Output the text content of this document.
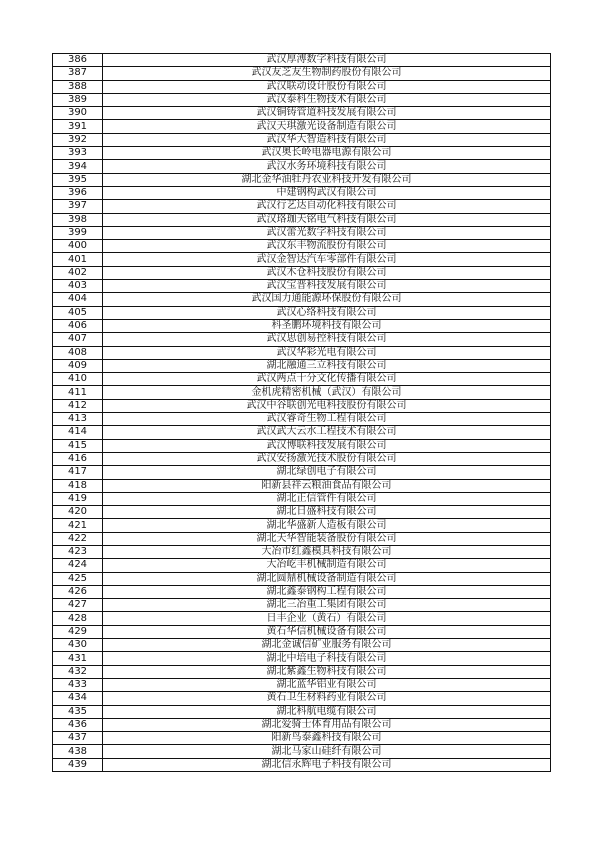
386	武汉厚溥数字科技有限公司
387	武汉友芝友生物制药股份有限公司
388	武汉联动设计股份有限公司
389	武汉泰科生物技术有限公司
390	武汉铜铸管道科技发展有限公司
391	武汉天琪激光设备制造有限公司
392	武汉华大智造科技有限公司
393	武汉奥长岭电器电源有限公司
394	武汉水务环境科技有限公司
395	湖北金华油牡丹农业科技开发有限公司
396	中建钢构武汉有限公司
397	武汉行艺达自动化科技有限公司
398	武汉珞珈天铭电气科技有限公司
399	武汉蕾光数字科技有限公司
400	武汉东丰物流股份有限公司
401	武汉金智达汽车零部件有限公司
402	武汉木仓科技股份有限公司
403	武汉宝普科技发展有限公司
404	武汉国力通能源环保股份有限公司
405	武汉心络科技有限公司
406	科圣鹏环境科技有限公司
407	武汉思创易控科技有限公司
408	武汉华彩光电有限公司
409	湖北融通三立科技有限公司
410	武汉两点十分文化传播有限公司
411	金机虎精密机械（武汉）有限公司
412	武汉中谷联创光电科技股份有限公司
413	武汉睿奇生物工程有限公司
414	武汉武大云水工程技术有限公司
415	武汉博联科技发展有限公司
416	武汉安扬激光技术股份有限公司
417	湖北绿创电子有限公司
418	阳新县祥云粮油食品有限公司
419	湖北正信管件有限公司
420	湖北日盛科技有限公司
421	湖北华盛新人造板有限公司
422	湖北天华智能装备股份有限公司
423	大冶市红鑫模具科技有限公司
424	大冶屹丰机械制造有限公司
425	湖北圆鼎机械设备制造有限公司
426	湖北鑫泰钢构工程有限公司
427	湖北三冶重工集团有限公司
428	日丰企业（黄石）有限公司
429	黄石华信机械设备有限公司
430	湖北金诚信矿业服务有限公司
431	湖北中培电子科技有限公司
432	湖北紫鑫生物科技有限公司
433	湖北蓝华铝业有限公司
434	黄石卫生材料药业有限公司
435	湖北科航电缆有限公司
436	湖北爱骑士体育用品有限公司
437	阳新鸟泰鑫科技有限公司
438	湖北马家山硅纤有限公司
439	湖北信永辉电子科技有限公司
